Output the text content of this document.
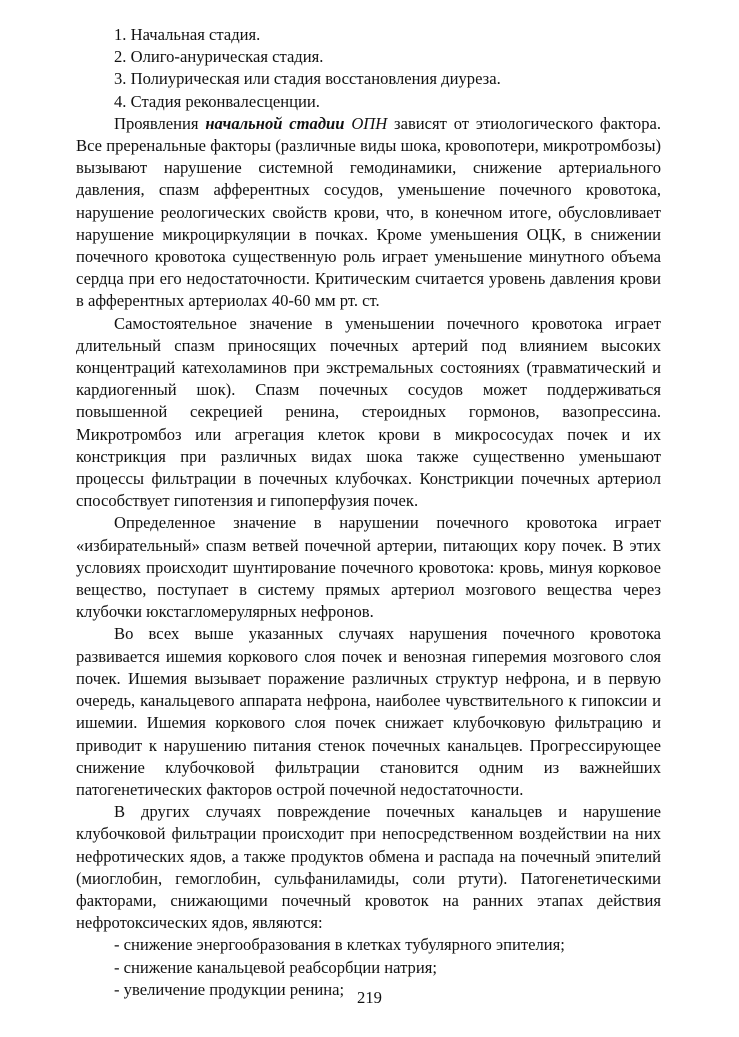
1. Начальная стадия.
2. Олиго-анурическая стадия.
3. Полиурическая или стадия восстановления диуреза.
4. Стадия реконвалесценции.

Проявления начальной стадии ОПН зависят от этиологического фактора. Все преренальные факторы (различные виды шока, кровопотери, микротромбозы) вызывают нарушение системной гемодинамики, снижение артериального давления, спазм афферентных сосудов, уменьшение почечного кровотока, нарушение реологических свойств крови, что, в конечном итоге, обусловливает нарушение микроциркуляции в почках. Кроме уменьшения ОЦК, в снижении почечного кровотока существенную роль играет уменьшение минутного объема сердца при его недостаточности. Критическим считается уровень давления крови в афферентных артериолах 40-60 мм рт. ст.

Самостоятельное значение в уменьшении почечного кровотока играет длительный спазм приносящих почечных артерий под влиянием высоких концентраций катехоламинов при экстремальных состояниях (травматический и кардиогенный шок). Спазм почечных сосудов может поддерживаться повышенной секрецией ренина, стероидных гормонов, вазопрессина. Микротромбоз или агрегация клеток крови в микрососудах почек и их констрикция при различных видах шока также существенно уменьшают процессы фильтрации в почечных клубочках. Констрикции почечных артериол способствует гипотензия и гипоперфузия почек.

Определенное значение в нарушении почечного кровотока играет «избирательный» спазм ветвей почечной артерии, питающих кору почек. В этих условиях происходит шунтирование почечного кровотока: кровь, минуя корковое вещество, поступает в систему прямых артериол мозгового вещества через клубочки юкстагломерулярных нефронов.

Во всех выше указанных случаях нарушения почечного кровотока развивается ишемия коркового слоя почек и венозная гиперемия мозгового слоя почек. Ишемия вызывает поражение различных структур нефрона, и в первую очередь, канальцевого аппарата нефрона, наиболее чувствительного к гипоксии и ишемии. Ишемия коркового слоя почек снижает клубочковую фильтрацию и приводит к нарушению питания стенок почечных канальцев. Прогрессирующее снижение клубочковой фильтрации становится одним из важнейших патогенетических факторов острой почечной недостаточности.

В других случаях повреждение почечных канальцев и нарушение клубочковой фильтрации происходит при непосредственном воздействии на них нефротических ядов, а также продуктов обмена и распада на почечный эпителий (миоглобин, гемоглобин, сульфаниламиды, соли ртути). Патогенетическими факторами, снижающими почечный кровоток на ранних этапах действия нефротоксических ядов, являются:

- снижение энергообразования в клетках тубулярного эпителия;
- снижение канальцевой реабсорбции натрия;
- увеличение продукции ренина; 219
